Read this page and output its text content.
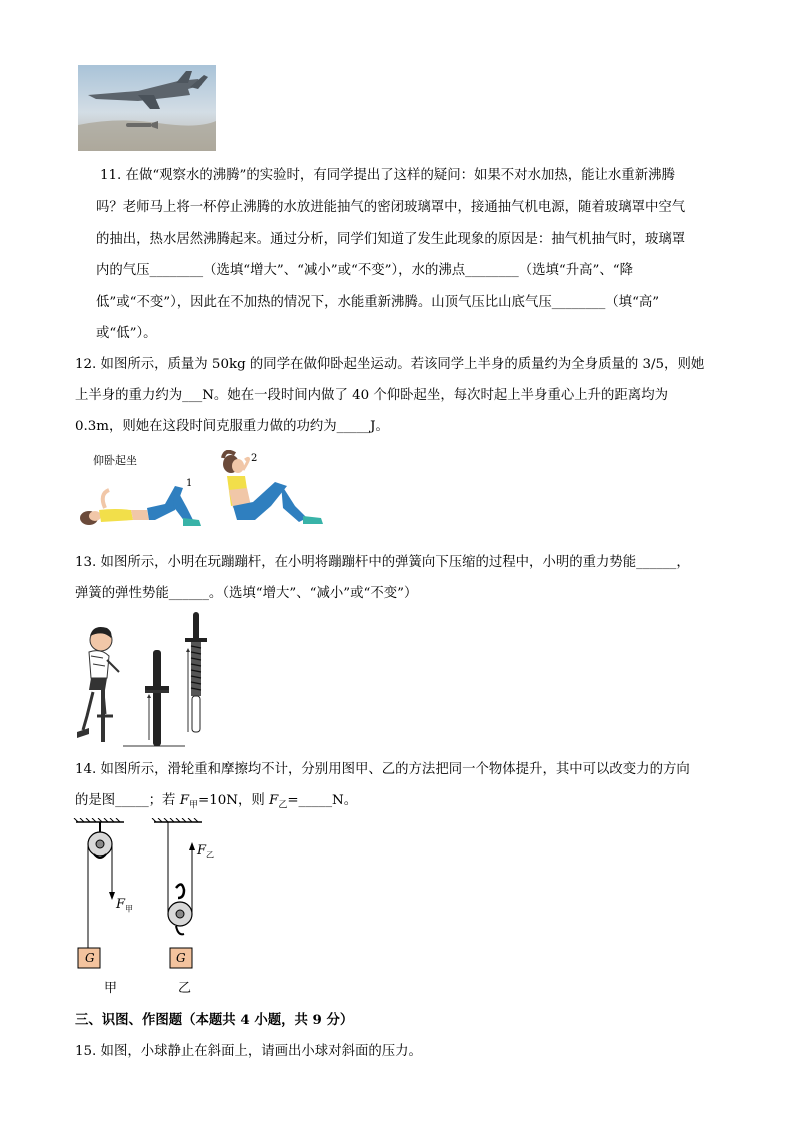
11. 在做“观察水的沸腾”的实验时，有同学提出了这样的疑问：如果不对水加热，能让水重新沸腾
吗？老师马上将一杯停止沸腾的水放进能抽气的密闭玻璃罩中，接通抽气机电源，随着玻璃罩中空气
的抽出，热水居然沸腾起来。通过分析，同学们知道了发生此现象的原因是：抽气机抽气时，玻璃罩
内的气压________（选填“增大”、“减小”或“不变”），水的沸点________（选填“升高”、“降
低”或“不变”），因此在不加热的情况下，水能重新沸腾。山顶气压比山底气压________（填“高”
或“低”）。
12. 如图所示，质量为 50kg 的同学在做仰卧起坐运动。若该同学上半身的质量约为全身质量的 3/5，则她
上半身的重力约为___N。她在一段时间内做了 40 个仰卧起坐，每次时起上半身重心上升的距离均为
0.3m，则她在这段时间克服重力做的功约为_____J。
仰卧起坐
1
2
13. 如图所示，小明在玩蹦蹦杆，在小明将蹦蹦杆中的弹簧向下压缩的过程中，小明的重力势能______，
弹簧的弹性势能______。（选填“增大”、“减小”或“不变”）
14. 如图所示，滑轮重和摩擦均不计，分别用图甲、乙的方法把同一个物体提升，其中可以改变力的方向
的是图_____；若 $F_甲=10N$，则 $F_乙=\_\_\_\_\_N$。
$F_甲$
G
甲
$F_乙$
G
乙
三、识图、作图题（本题共 4 小题，共 9 分）
15. 如图，小球静止在斜面上，请画出小球对斜面的压力。
